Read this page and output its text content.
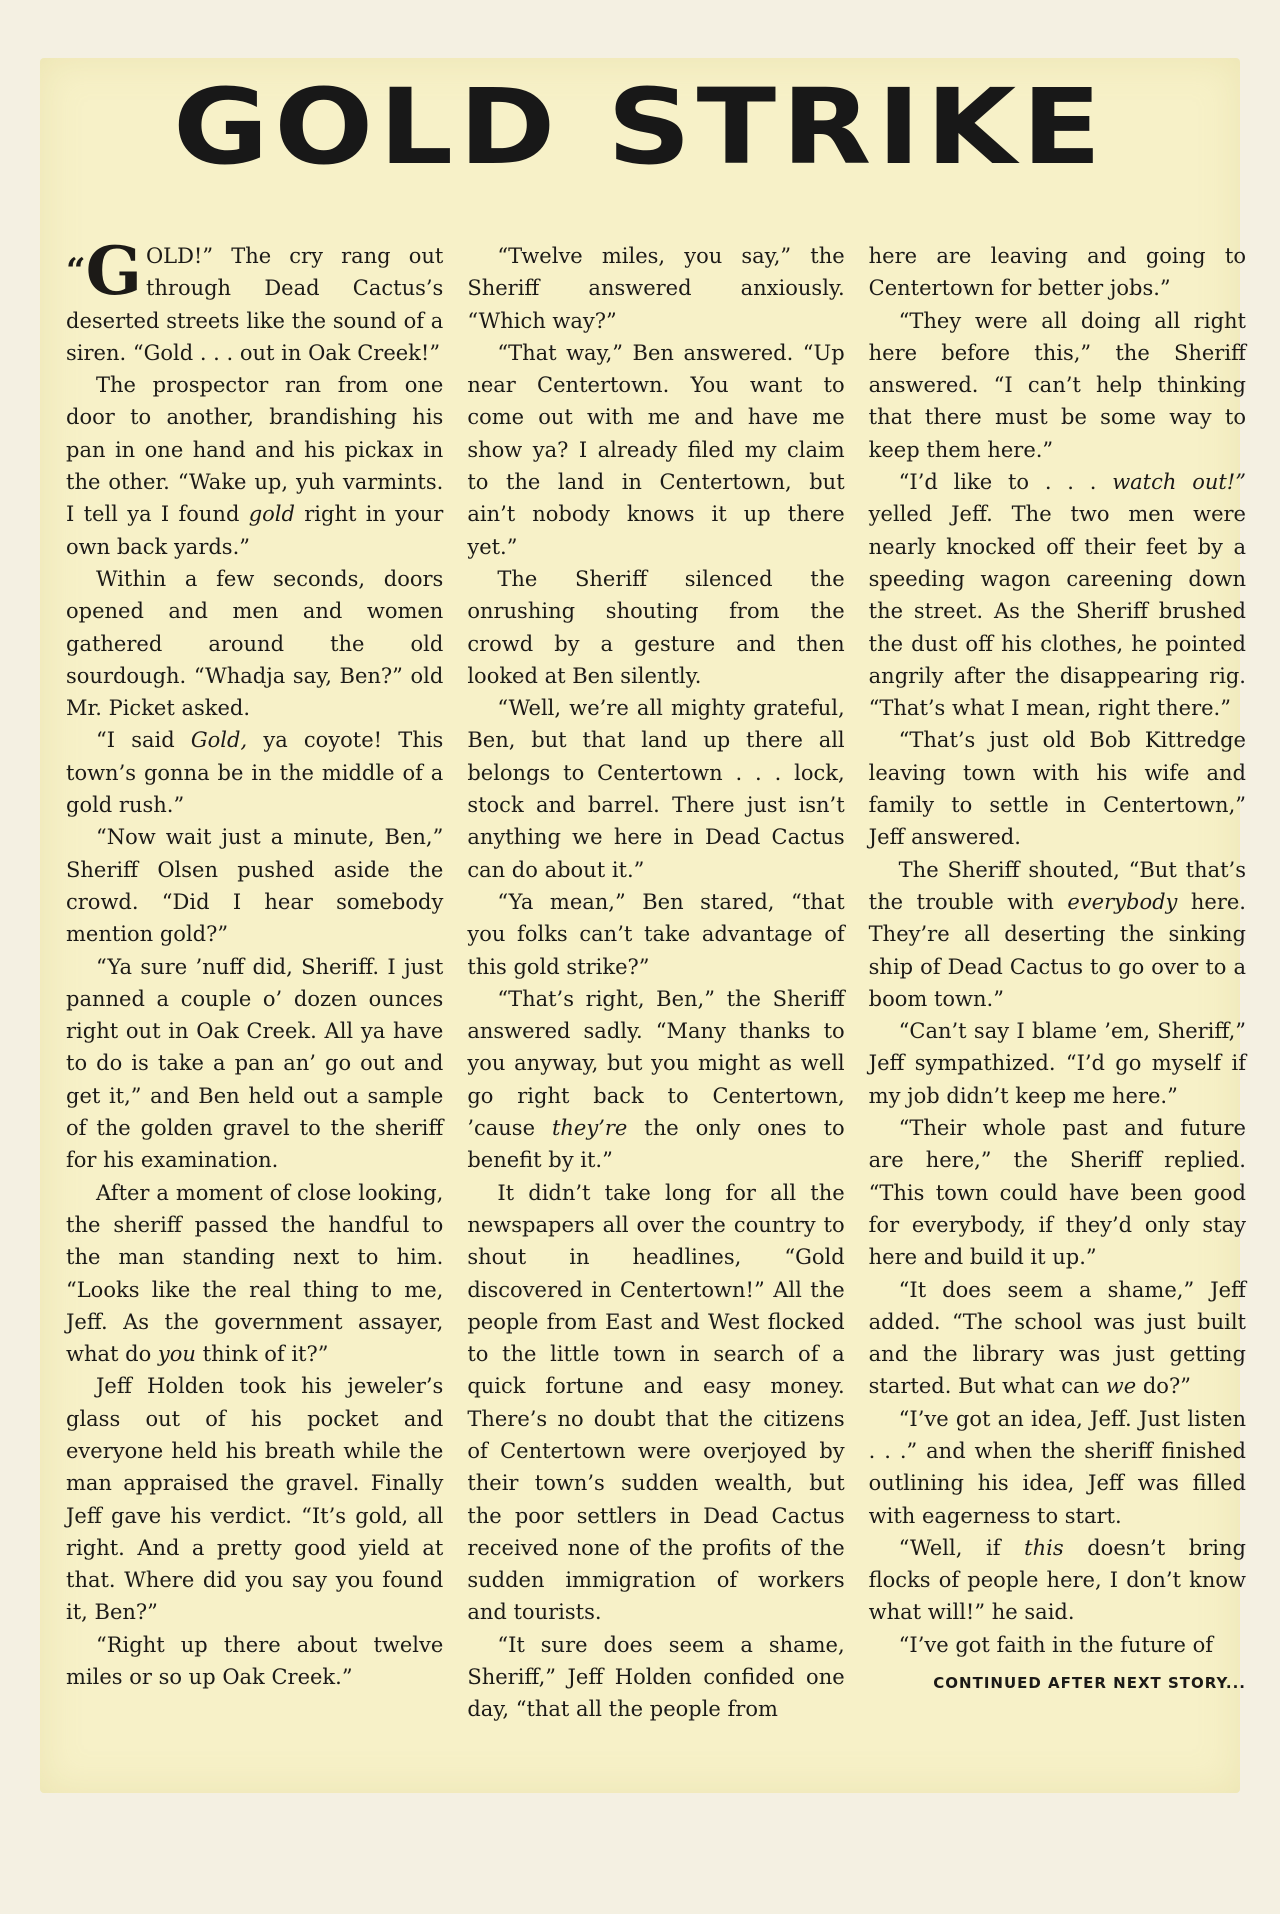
GOLD STRIKE

“G OLD!” The cry rang out through Dead Cactus’s deserted streets like the sound of a siren. “Gold . . . out in Oak Creek!”

The prospector ran from one door to another, brandishing his pan in one hand and his pickax in the other. “Wake up, yuh varmints. I tell ya I found gold right in your own back yards.”

Within a few seconds, doors opened and men and women gathered around the old sourdough. “Whadja say, Ben?” old Mr. Picket asked.

“I said Gold, ya coyote! This town’s gonna be in the middle of a gold rush.”

“Now wait just a minute, Ben,” Sheriff Olsen pushed aside the crowd. “Did I hear somebody mention gold?”

“Ya sure ’nuff did, Sheriff. I just panned a couple o’ dozen ounces right out in Oak Creek. All ya have to do is take a pan an’ go out and get it,” and Ben held out a sample of the golden gravel to the sheriff for his examination.

After a moment of close looking, the sheriff passed the handful to the man standing next to him. “Looks like the real thing to me, Jeff. As the government assayer, what do you think of it?”

Jeff Holden took his jeweler’s glass out of his pocket and everyone held his breath while the man appraised the gravel. Finally Jeff gave his verdict. “It’s gold, all right. And a pretty good yield at that. Where did you say you found it, Ben?”

“Right up there about twelve miles or so up Oak Creek.”

“Twelve miles, you say,” the Sheriff answered anxiously. “Which way?”

“That way,” Ben answered. “Up near Centertown. You want to come out with me and have me show ya? I already filed my claim to the land in Centertown, but ain’t nobody knows it up there yet.”

The Sheriff silenced the onrushing shouting from the crowd by a gesture and then looked at Ben silently.

“Well, we’re all mighty grateful, Ben, but that land up there all belongs to Centertown . . . lock, stock and barrel. There just isn’t anything we here in Dead Cactus can do about it.”

“Ya mean,” Ben stared, “that you folks can’t take advantage of this gold strike?”

“That’s right, Ben,” the Sheriff answered sadly. “Many thanks to you anyway, but you might as well go right back to Centertown, ’cause they’re the only ones to benefit by it.”

It didn’t take long for all the newspapers all over the country to shout in headlines, “Gold discovered in Centertown!” All the people from East and West flocked to the little town in search of a quick fortune and easy money. There’s no doubt that the citizens of Centertown were overjoyed by their town’s sudden wealth, but the poor settlers in Dead Cactus received none of the profits of the sudden immigration of workers and tourists.

“It sure does seem a shame, Sheriff,” Jeff Holden confided one day, “that all the people from

here are leaving and going to Centertown for better jobs.”

“They were all doing all right here before this,” the Sheriff answered. “I can’t help thinking that there must be some way to keep them here.”

“I’d like to . . . watch out!” yelled Jeff. The two men were nearly knocked off their feet by a speeding wagon careening down the street. As the Sheriff brushed the dust off his clothes, he pointed angrily after the disappearing rig. “That’s what I mean, right there.”

“That’s just old Bob Kittredge leaving town with his wife and family to settle in Centertown,” Jeff answered.

The Sheriff shouted, “But that’s the trouble with everybody here. They’re all deserting the sinking ship of Dead Cactus to go over to a boom town.”

“Can’t say I blame ’em, Sheriff,” Jeff sympathized. “I’d go myself if my job didn’t keep me here.”

“Their whole past and future are here,” the Sheriff replied. “This town could have been good for everybody, if they’d only stay here and build it up.”

“It does seem a shame,” Jeff added. “The school was just built and the library was just getting started. But what can we do?”

“I’ve got an idea, Jeff. Just listen . . .” and when the sheriff finished outlining his idea, Jeff was filled with eagerness to start.

“Well, if this doesn’t bring flocks of people here, I don’t know what will!” he said.

“I’ve got faith in the future of

CONTINUED AFTER NEXT STORY...
